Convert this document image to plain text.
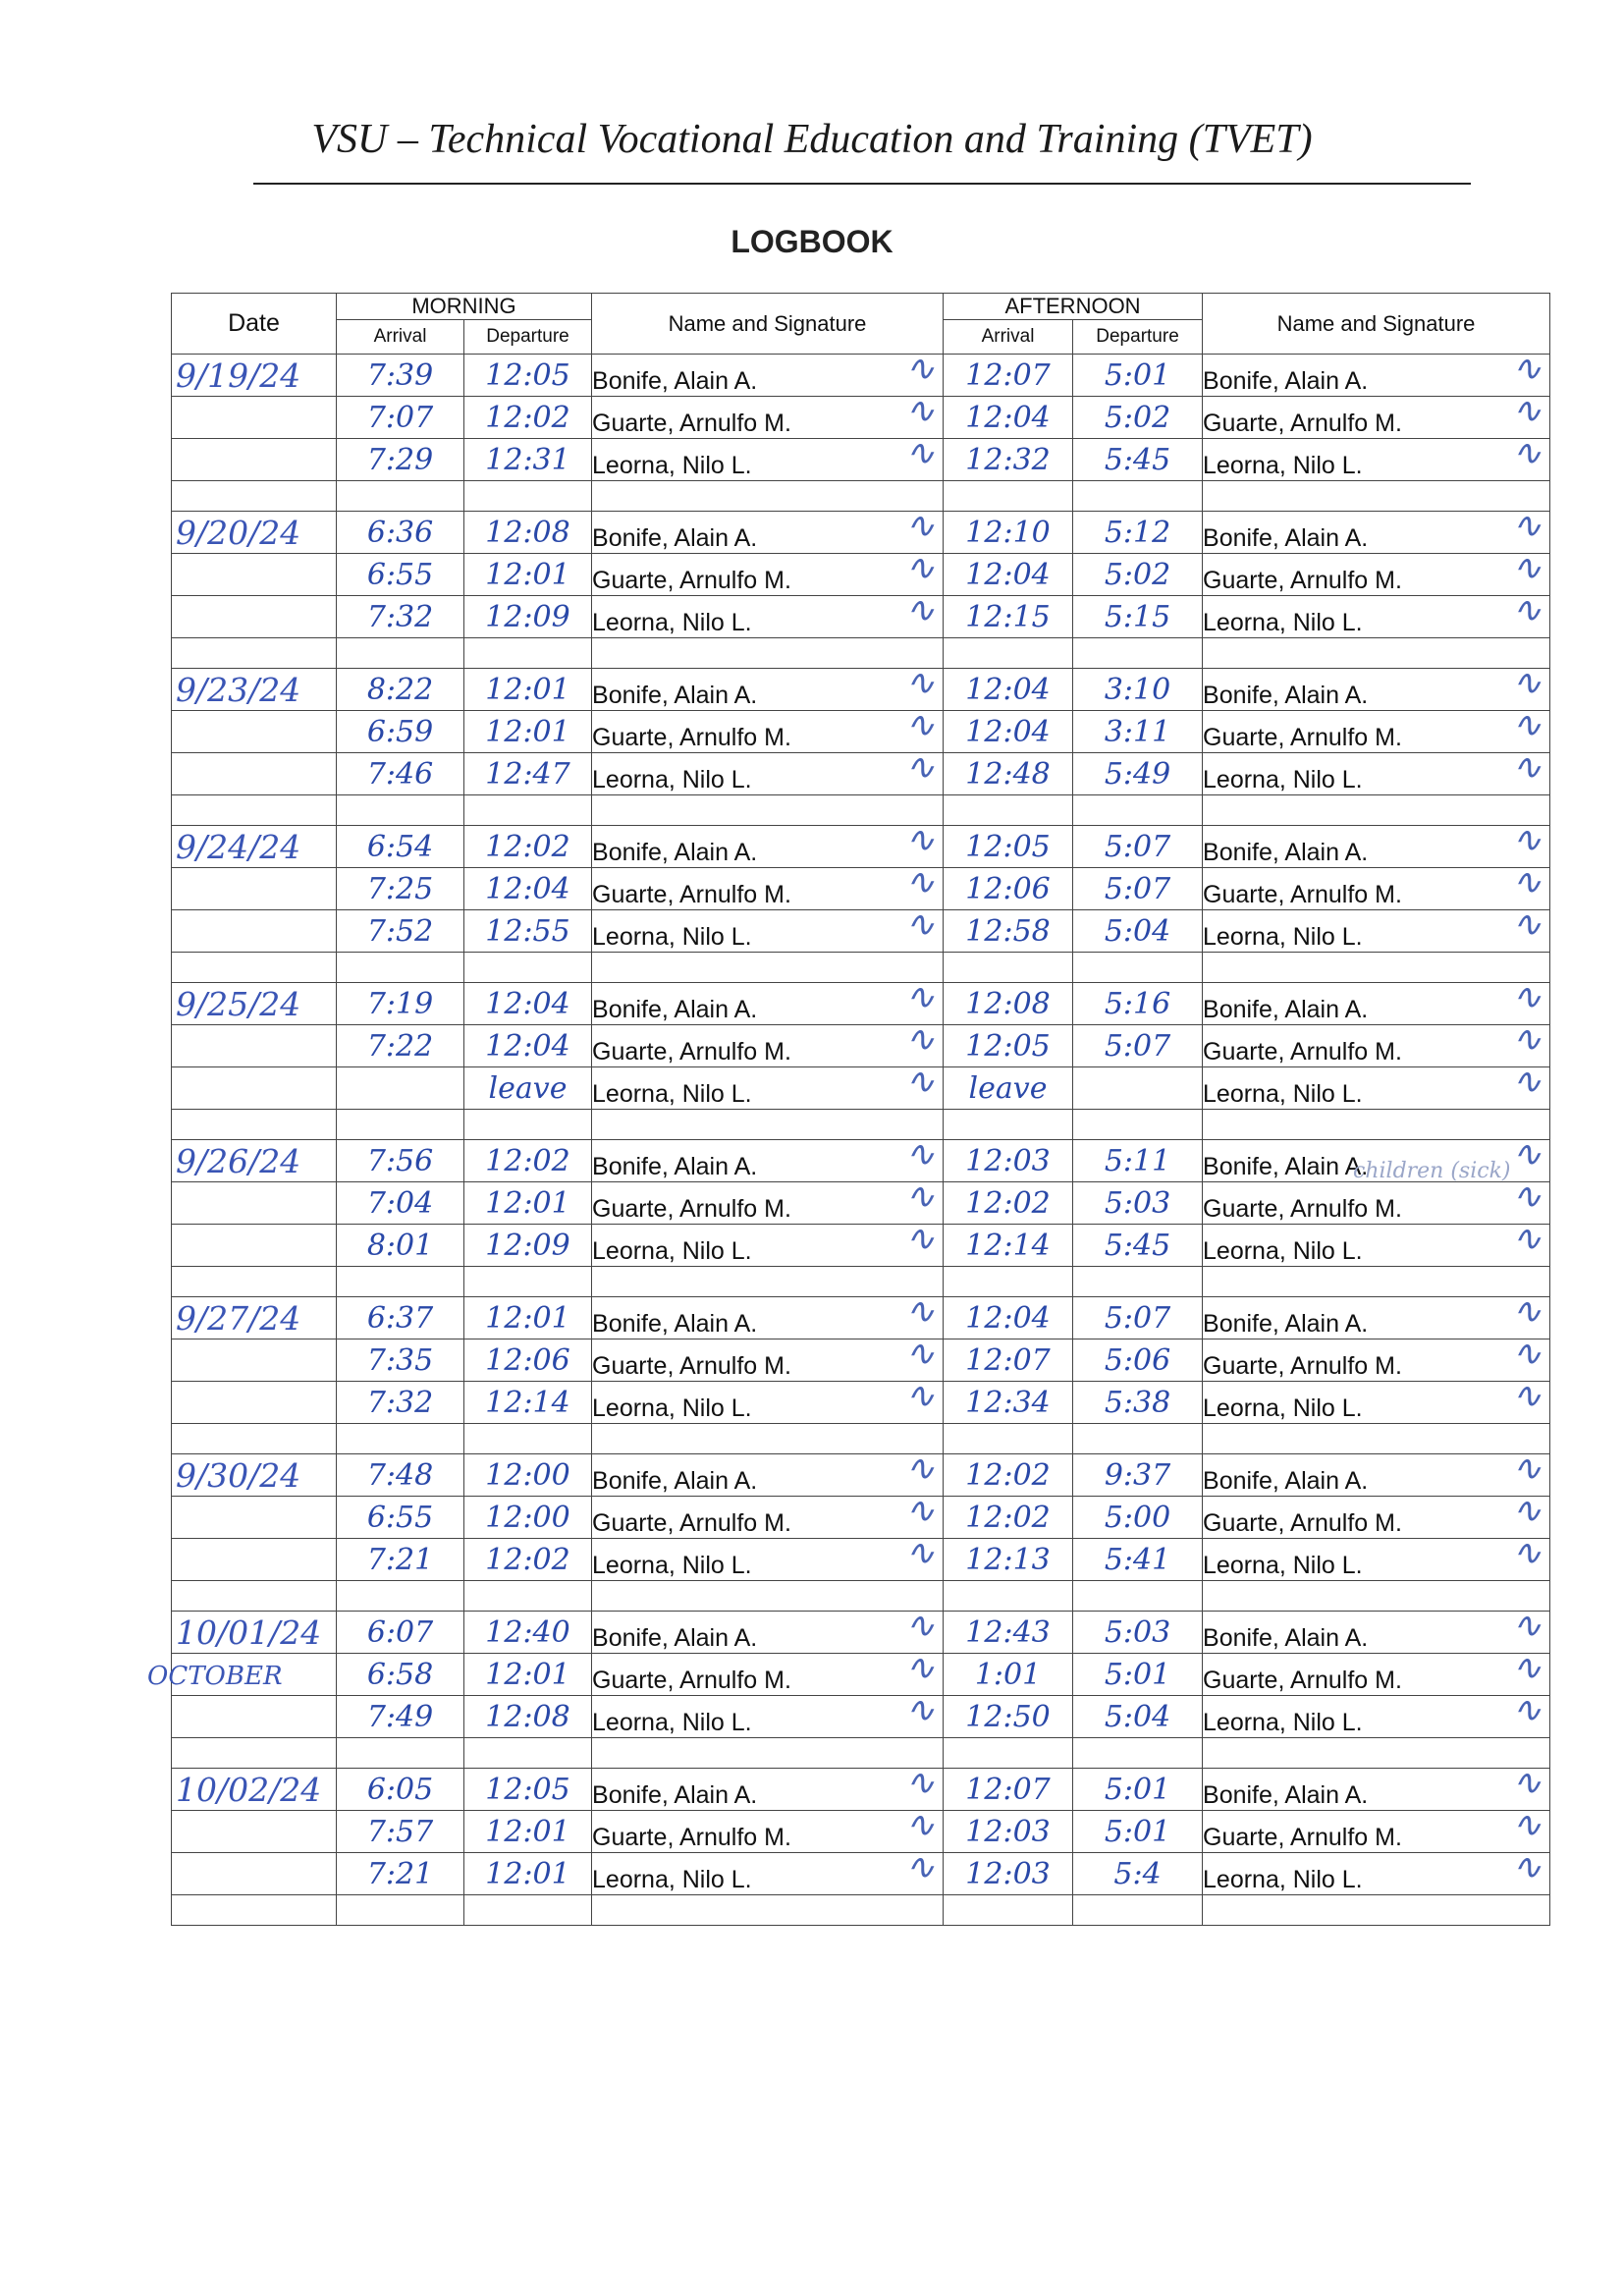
VSU – Technical Vocational Education and Training (TVET)
LOGBOOK
Date	MORNING		Name and Signature	AFTERNOON		Name and Signature
	Arrival	Departure		Arrival	Departure	
9/19/24	7:39	12:05	Bonife, Alain A. ∿	12:07	5:01	Bonife, Alain A. ∿

	7:07	12:02	Guarte, Arnulfo M. ∿	12:04	5:02	Guarte, Arnulfo M. ∿

	7:29	12:31	Leorna, Nilo L. ∿	12:32	5:45	Leorna, Nilo L. ∿

9/20/24	6:36	12:08	Bonife, Alain A. ∿	12:10	5:12	Bonife, Alain A. ∿

	6:55	12:01	Guarte, Arnulfo M. ∿	12:04	5:02	Guarte, Arnulfo M. ∿

	7:32	12:09	Leorna, Nilo L. ∿	12:15	5:15	Leorna, Nilo L. ∿

9/23/24	8:22	12:01	Bonife, Alain A. ∿	12:04	3:10	Bonife, Alain A. ∿

	6:59	12:01	Guarte, Arnulfo M. ∿	12:04	3:11	Guarte, Arnulfo M. ∿

	7:46	12:47	Leorna, Nilo L. ∿	12:48	5:49	Leorna, Nilo L. ∿

9/24/24	6:54	12:02	Bonife, Alain A. ∿	12:05	5:07	Bonife, Alain A. ∿

	7:25	12:04	Guarte, Arnulfo M. ∿	12:06	5:07	Guarte, Arnulfo M. ∿

	7:52	12:55	Leorna, Nilo L. ∿	12:58	5:04	Leorna, Nilo L. ∿

9/25/24	7:19	12:04	Bonife, Alain A. ∿	12:08	5:16	Bonife, Alain A. ∿

	7:22	12:04	Guarte, Arnulfo M. ∿	12:05	5:07	Guarte, Arnulfo M. ∿

		leave	Leorna, Nilo L. ∿	leave		Leorna, Nilo L. ∿

9/26/24	7:56	12:02	Bonife, Alain A. ∿	12:03	5:11	Bonife, Alain A. ∿

	7:04	12:01	Guarte, Arnulfo M. ∿	12:02	5:03	Guarte, Arnulfo M. ∿

	8:01	12:09	Leorna, Nilo L. ∿	12:14	5:45	Leorna, Nilo L. ∿

9/27/24	6:37	12:01	Bonife, Alain A. ∿	12:04	5:07	Bonife, Alain A. ∿

	7:35	12:06	Guarte, Arnulfo M. ∿	12:07	5:06	Guarte, Arnulfo M. ∿

	7:32	12:14	Leorna, Nilo L. ∿	12:34	5:38	Leorna, Nilo L. ∿

9/30/24	7:48	12:00	Bonife, Alain A. ∿	12:02	9:37	Bonife, Alain A. ∿

	6:55	12:00	Guarte, Arnulfo M. ∿	12:02	5:00	Guarte, Arnulfo M. ∿

	7:21	12:02	Leorna, Nilo L. ∿	12:13	5:41	Leorna, Nilo L. ∿

10/01/24	6:07	12:40	Bonife, Alain A. ∿	12:43	5:03	Bonife, Alain A. ∿

	6:58	12:01	Guarte, Arnulfo M. ∿	1:01	5:01	Guarte, Arnulfo M. ∿

	7:49	12:08	Leorna, Nilo L. ∿	12:50	5:04	Leorna, Nilo L. ∿

10/02/24	6:05	12:05	Bonife, Alain A. ∿	12:07	5:01	Bonife, Alain A. ∿

	7:57	12:01	Guarte, Arnulfo M. ∿	12:03	5:01	Guarte, Arnulfo M. ∿

	7:21	12:01	Leorna, Nilo L. ∿	12:03	5:4	Leorna, Nilo L. ∿

OCTOBER
children (sick)
